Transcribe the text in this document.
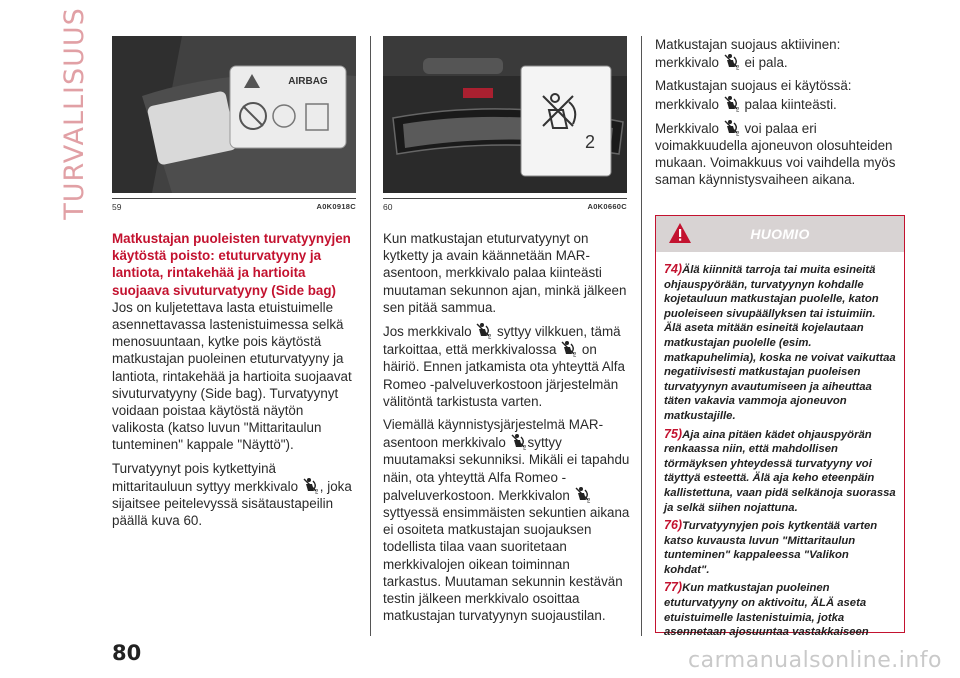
TURVALLISUUS	AIRBAG
59	A0K0918C
2
60	A0K0660C
Matkustajan puoleisten turvatyynyjen käytöstä poisto: etuturvatyyny ja lantiota, rintakehää ja hartioita suojaava sivuturvatyyny (Side bag)

Jos on kuljetettava lasta etuistuimelle asennettavassa lastenistuimessa selkä menosuuntaan, kytke pois käytöstä matkustajan puoleinen etuturvatyyny ja lantiota, rintakehää ja hartioita suojaavat sivuturvatyyny (Side bag). Turvatyynyt voidaan poistaa käytöstä näytön valikosta (katso luvun "Mittaritaulun tunteminen" kappale "Näyttö").

Turvatyynyt pois kytkettyinä mittaritauluun syttyy merkkivalo	2 , joka sijaitsee peitelevyssä sisätaustapeilin päällä kuva 60.

Kun matkustajan etuturvatyynyt on kytketty ja avain käännetään MAR-asentoon, merkkivalo palaa kiinteästi muutaman sekunnon ajan, minkä jälkeen sen pitää sammua.

Jos merkkivalo	2 syttyy vilkkuen, tämä tarkoittaa, että merkkivalossa	2 on häiriö. Ennen jatkamista ota yhteyttä Alfa Romeo -palveluverkostoon järjestelmän välitöntä tarkistusta varten.

Viemällä käynnistysjärjestelmä MAR-asentoon merkkivalo	2 syttyy muutamaksi sekunniksi. Mikäli ei tapahdu näin, ota yhteyttä Alfa Romeo -palveluverkostoon. Merkkivalon	2
syttyessä ensimmäisten sekuntien aikana ei osoiteta matkustajan suojauksen todellista tilaa vaan suoritetaan merkkivalojen oikean toiminnan tarkastus. Muutaman sekunnin kestävän testin jälkeen merkkivalo osoittaa matkustajan turvatyynyn suojaustilan.

Matkustajan suojaus aktiivinen:
merkkivalo	2 ei pala.

Matkustajan suojaus ei käytössä:
merkkivalo	2 palaa kiinteästi.

Merkkivalo	2 voi palaa eri voimakkuudella ajoneuvon olosuhteiden mukaan. Voimakkuus voi vaihdella myös saman käynnistysvaiheen aikana.

HUOMIO

74)Älä kiinnitä tarroja tai muita esineitä ohjauspyörään, turvatyynyn kohdalle kojetauluun matkustajan puolelle, katon puoleiseen sivupäällyksen tai istuimiin. Älä aseta mitään esineitä kojelautaan matkustajan puolelle (esim. matkapuhelimia), koska ne voivat vaikuttaa negatiivisesti matkustajan puoleisen turvatyynyn avautumiseen ja aiheuttaa täten vakavia vammoja ajoneuvon matkustajille.

75)Aja aina pitäen kädet ohjauspyörän renkaassa niin, että mahdollisen törmäyksen yhteydessä turvatyyny voi täyttyä esteettä. Älä aja keho eteenpäin kallistettuna, vaan pidä selkänoja suorassa ja selkä siihen nojattuna.

76)Turvatyynyjen pois kytkentää varten katso kuvausta luvun "Mittaritaulun tunteminen" kappaleessa "Valikon kohdat".

77)Kun matkustajan puoleinen etuturvatyyny on aktivoitu, ÄLÄ aseta etuistuimelle lastenistuimia, jotka asennetaan ajosuuntaa vastakkaiseen

80	carmanualsonline.info
